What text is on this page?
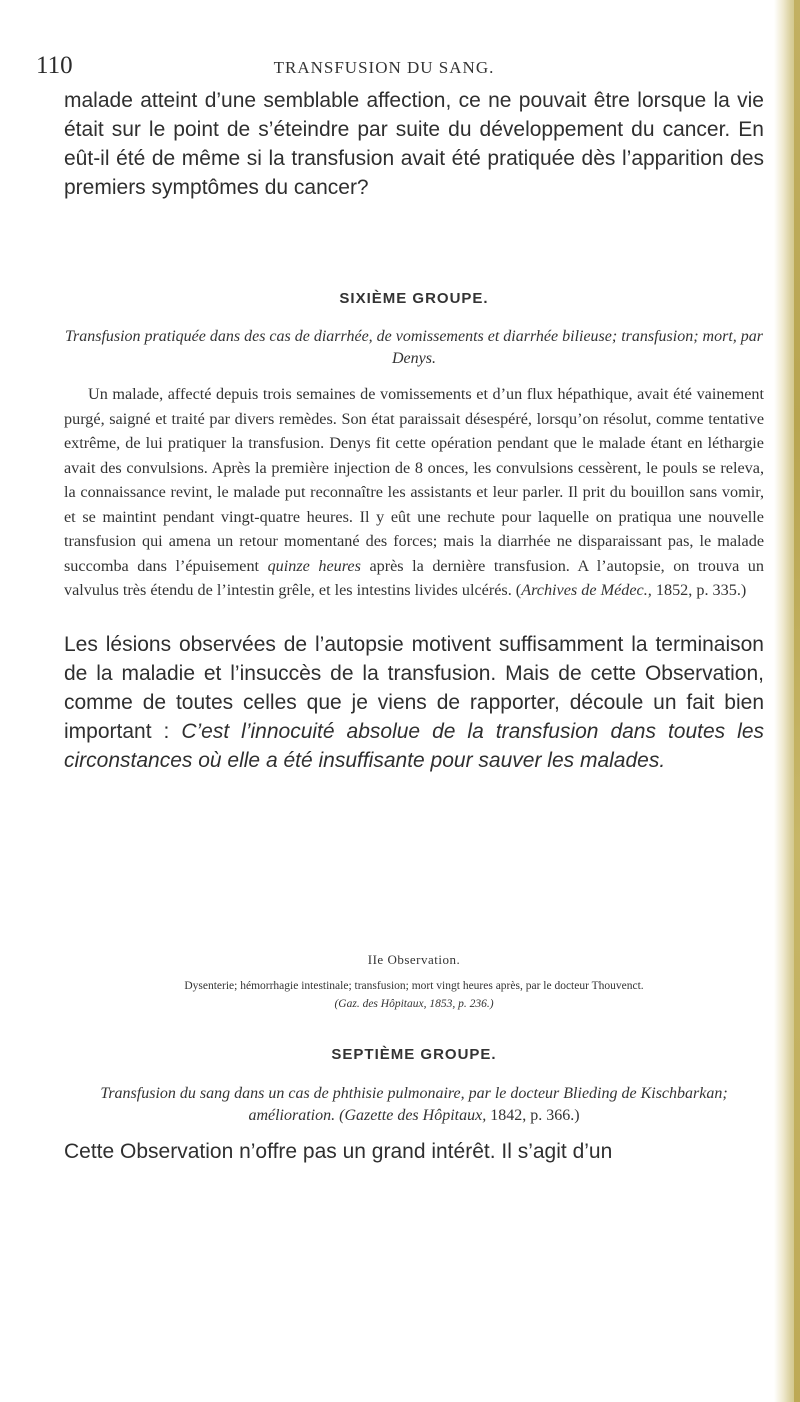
110	TRANSFUSION DU SANG.

malade atteint d’une semblable affection, ce ne pouvait être lorsque la vie était sur le point de s’éteindre par suite du développement du cancer. En eût-il été de même si la transfusion avait été pratiquée dès l’apparition des premiers symptômes du cancer?

SIXIÈME GROUPE.

Transfusion pratiquée dans des cas de diarrhée, de vomissements et diarrhée bilieuse; transfusion; mort, par Denys.

Un malade, affecté depuis trois semaines de vomissements et d’un flux hépathique, avait été vainement purgé, saigné et traité par divers remèdes. Son état paraissait désespéré, lorsqu’on résolut, comme tentative extrême, de lui pratiquer la transfusion. Denys fit cette opération pendant que le malade étant en léthargie avait des convulsions. Après la première injection de 8 onces, les convulsions cessèrent, le pouls se releva, la connaissance revint, le malade put reconnaître les assistants et leur parler. Il prit du bouillon sans vomir, et se maintint pendant vingt-quatre heures. Il y eût une rechute pour laquelle on pratiqua une nouvelle transfusion qui amena un retour momentané des forces; mais la diarrhée ne disparaissant pas, le malade succomba dans l’épuisement quinze heures après la dernière transfusion. A l’autopsie, on trouva un valvulus très étendu de l’intestin grêle, et les intestins livides ulcérés. (Archives de Médec., 1852, p. 335.)

Les lésions observées de l’autopsie motivent suffisamment la terminaison de la maladie et l’insuccès de la transfusion. Mais de cette Observation, comme de toutes celles que je viens de rapporter, découle un fait bien important : C’est l’innocuité absolue de la transfusion dans toutes les circonstances où elle a été insuffisante pour sauver les malades.

IIe Observation.

Dysenterie; hémorrhagie intestinale; transfusion; mort vingt heures après, par le docteur Thouvenct.

(Gaz. des Hôpitaux, 1853, p. 236.)

SEPTIÈME GROUPE.

Transfusion du sang dans un cas de phthisie pulmonaire, par le docteur Blieding de Kischbarkan; amélioration. (Gazette des Hôpitaux, 1842, p. 366.)

Cette Observation n’offre pas un grand intérêt. Il s’agit d’un
